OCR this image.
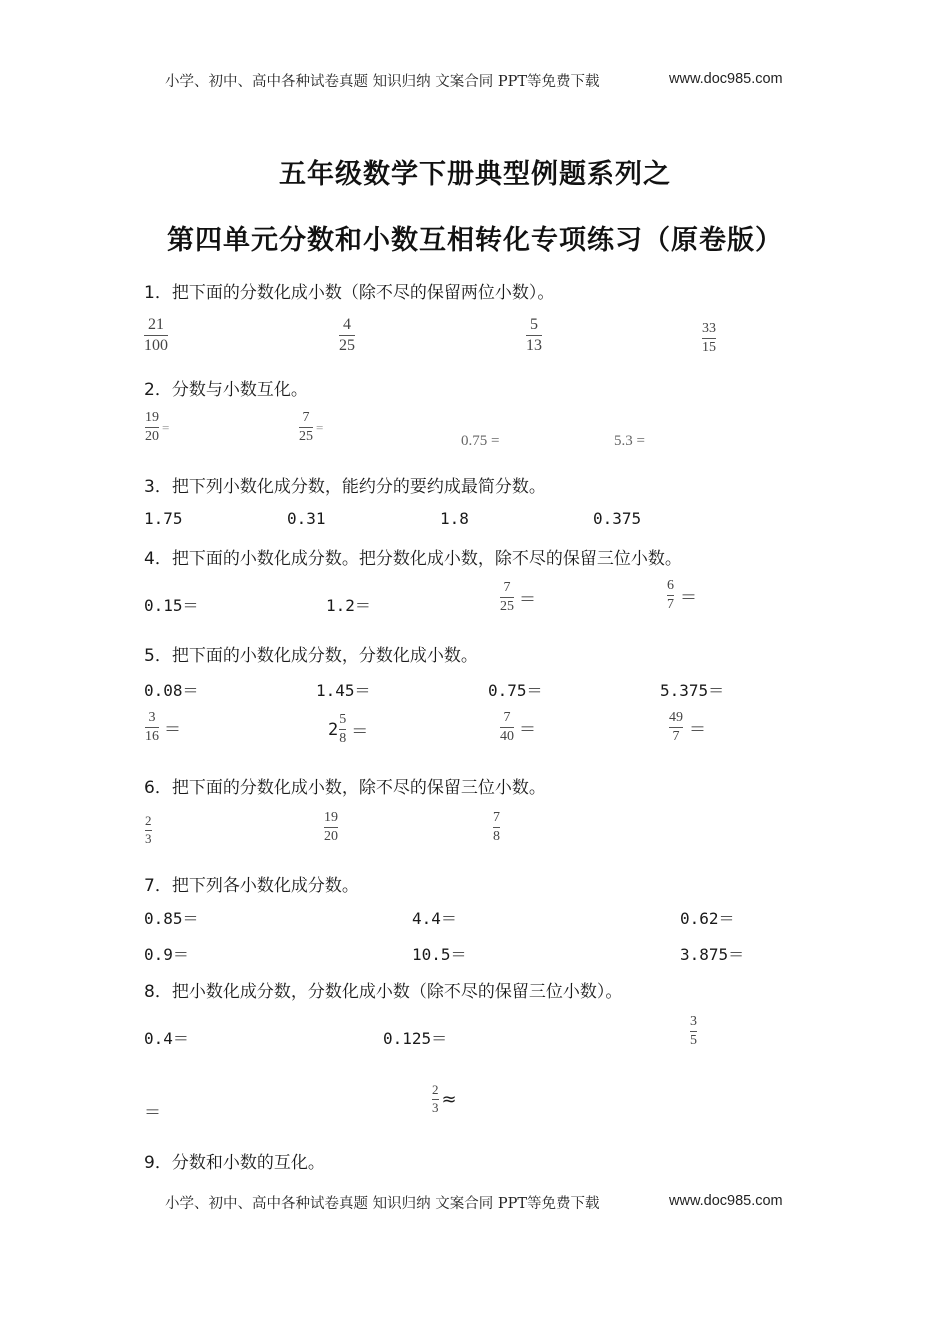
小学、初中、高中各种试卷真题 知识归纳 文案合同 PPT等免费下载	www.doc985.com
五年级数学下册典型例题系列之
第四单元分数和小数互相转化专项练习（原卷版）
1．把下面的分数化成小数（除不尽的保留两位小数）。
$\frac{21}{100}$	$\frac{4}{25}$	$\frac{5}{13}$	$\frac{33}{15}$
2．分数与小数互化。
$\frac{19}{20}$ =	$\frac{7}{25}$ =
0.75 =	5.3 =
3．把下列小数化成分数，能约分的要约成最简分数。
1.75	0.31	1.8	0.375
4．把下面的小数化成分数。把分数化成小数，除不尽的保留三位小数。
0.15＝	1.2＝	$\frac{7}{25}$ ＝	$\frac{6}{7}$ ＝
5．把下面的小数化成分数，分数化成小数。
0.08＝	1.45＝	0.75＝	5.375＝
$\frac{3}{16}$ ＝	$2 \frac{5}{8}$ ＝	$\frac{7}{40}$ ＝	$\frac{49}{7}$ ＝
6．把下面的分数化成小数，除不尽的保留三位小数。
$\frac{2}{3}$	$\frac{19}{20}$	$\frac{7}{8}$
7．把下列各小数化成分数。
0.85＝	4.4＝	0.62＝
0.9＝	10.5＝	3.875＝
8．把小数化成分数，分数化成小数（除不尽的保留三位小数）。
0.4＝	0.125＝	$\frac{3}{5}$
＝	$\frac{2}{3}$ ≈
9．分数和小数的互化。
小学、初中、高中各种试卷真题 知识归纳 文案合同 PPT等免费下载	www.doc985.com
